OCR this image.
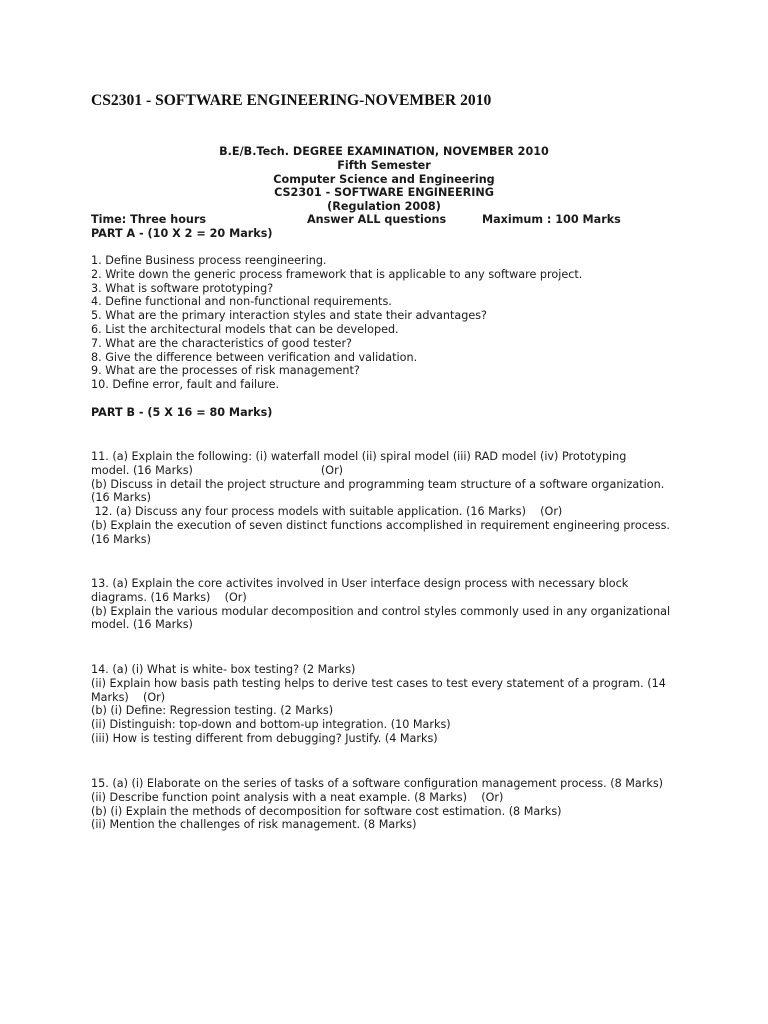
CS2301 - SOFTWARE ENGINEERING-NOVEMBER 2010
B.E/B.Tech. DEGREE EXAMINATION, NOVEMBER 2010
Fifth Semester
Computer Science and Engineering
CS2301 - SOFTWARE ENGINEERING
(Regulation 2008)
Time: Three hours	Answer ALL questions	Maximum : 100 Marks
PART A - (10 X 2 = 20 Marks)
1. Define Business process reengineering.
2. Write down the generic process framework that is applicable to any software project.
3. What is software prototyping?
4. Define functional and non-functional requirements.
5. What are the primary interaction styles and state their advantages?
6. List the architectural models that can be developed.
7. What are the characteristics of good tester?
8. Give the difference between verification and validation.
9. What are the processes of risk management?
10. Define error, fault and failure.
PART B - (5 X 16 = 80 Marks)
11. (a) Explain the following: (i) waterfall model (ii) spiral model (iii) RAD model (iv) Prototyping
model. (16 Marks)                                    (Or)
(b) Discuss in detail the project structure and programming team structure of a software organization.
(16 Marks)
12. (a) Discuss any four process models with suitable application. (16 Marks)    (Or)
(b) Explain the execution of seven distinct functions accomplished in requirement engineering process.
(16 Marks)
13. (a) Explain the core activites involved in User interface design process with necessary block
diagrams. (16 Marks)    (Or)
(b) Explain the various modular decomposition and control styles commonly used in any organizational
model. (16 Marks)
14. (a) (i) What is white- box testing? (2 Marks)
(ii) Explain how basis path testing helps to derive test cases to test every statement of a program. (14
Marks)    (Or)
(b) (i) Define: Regression testing. (2 Marks)
(ii) Distinguish: top-down and bottom-up integration. (10 Marks)
(iii) How is testing different from debugging? Justify. (4 Marks)
15. (a) (i) Elaborate on the series of tasks of a software configuration management process. (8 Marks)
(ii) Describe function point analysis with a neat example. (8 Marks)    (Or)
(b) (i) Explain the methods of decomposition for software cost estimation. (8 Marks)
(ii) Mention the challenges of risk management. (8 Marks)
